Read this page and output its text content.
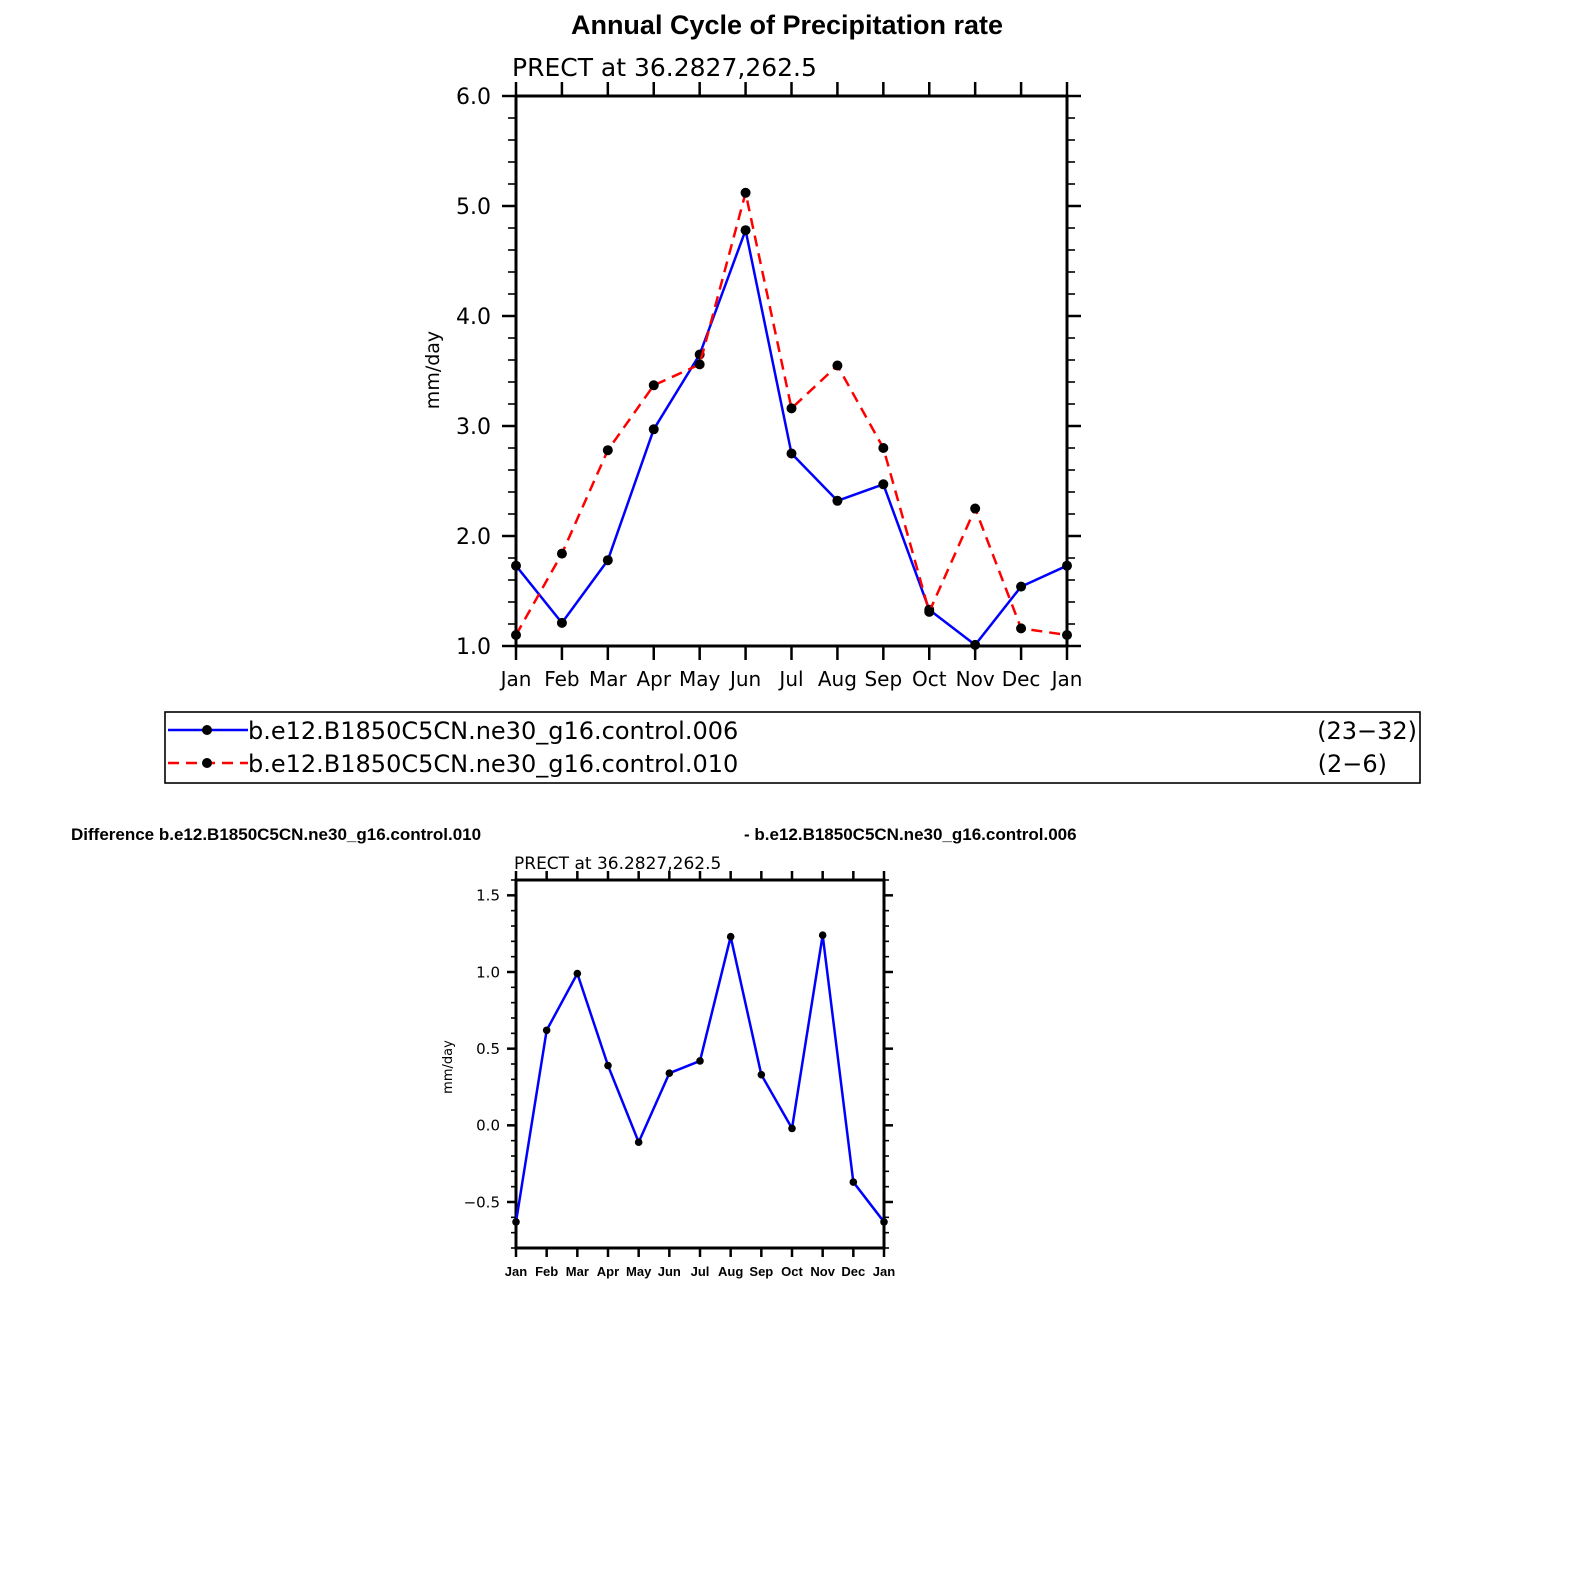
Annual Cycle of Precipitation rate
PRECT at 36.2827,262.5
mm/day
Jan Feb Mar Apr May Jun Jul Aug Sep Oct Nov Dec Jan
1.0
2.0
3.0
4.0
5.0
6.0
b.e12.B1850C5CN.ne30_g16.control.006	(23−32)
b.e12.B1850C5CN.ne30_g16.control.010	(2−6)
Difference b.e12.B1850C5CN.ne30_g16.control.010	- b.e12.B1850C5CN.ne30_g16.control.006
PRECT at 36.2827,262.5
mm/day
Jan Feb Mar Apr May Jun Jul Aug Sep Oct Nov Dec Jan
−0.5
0.0
0.5
1.0
1.5
